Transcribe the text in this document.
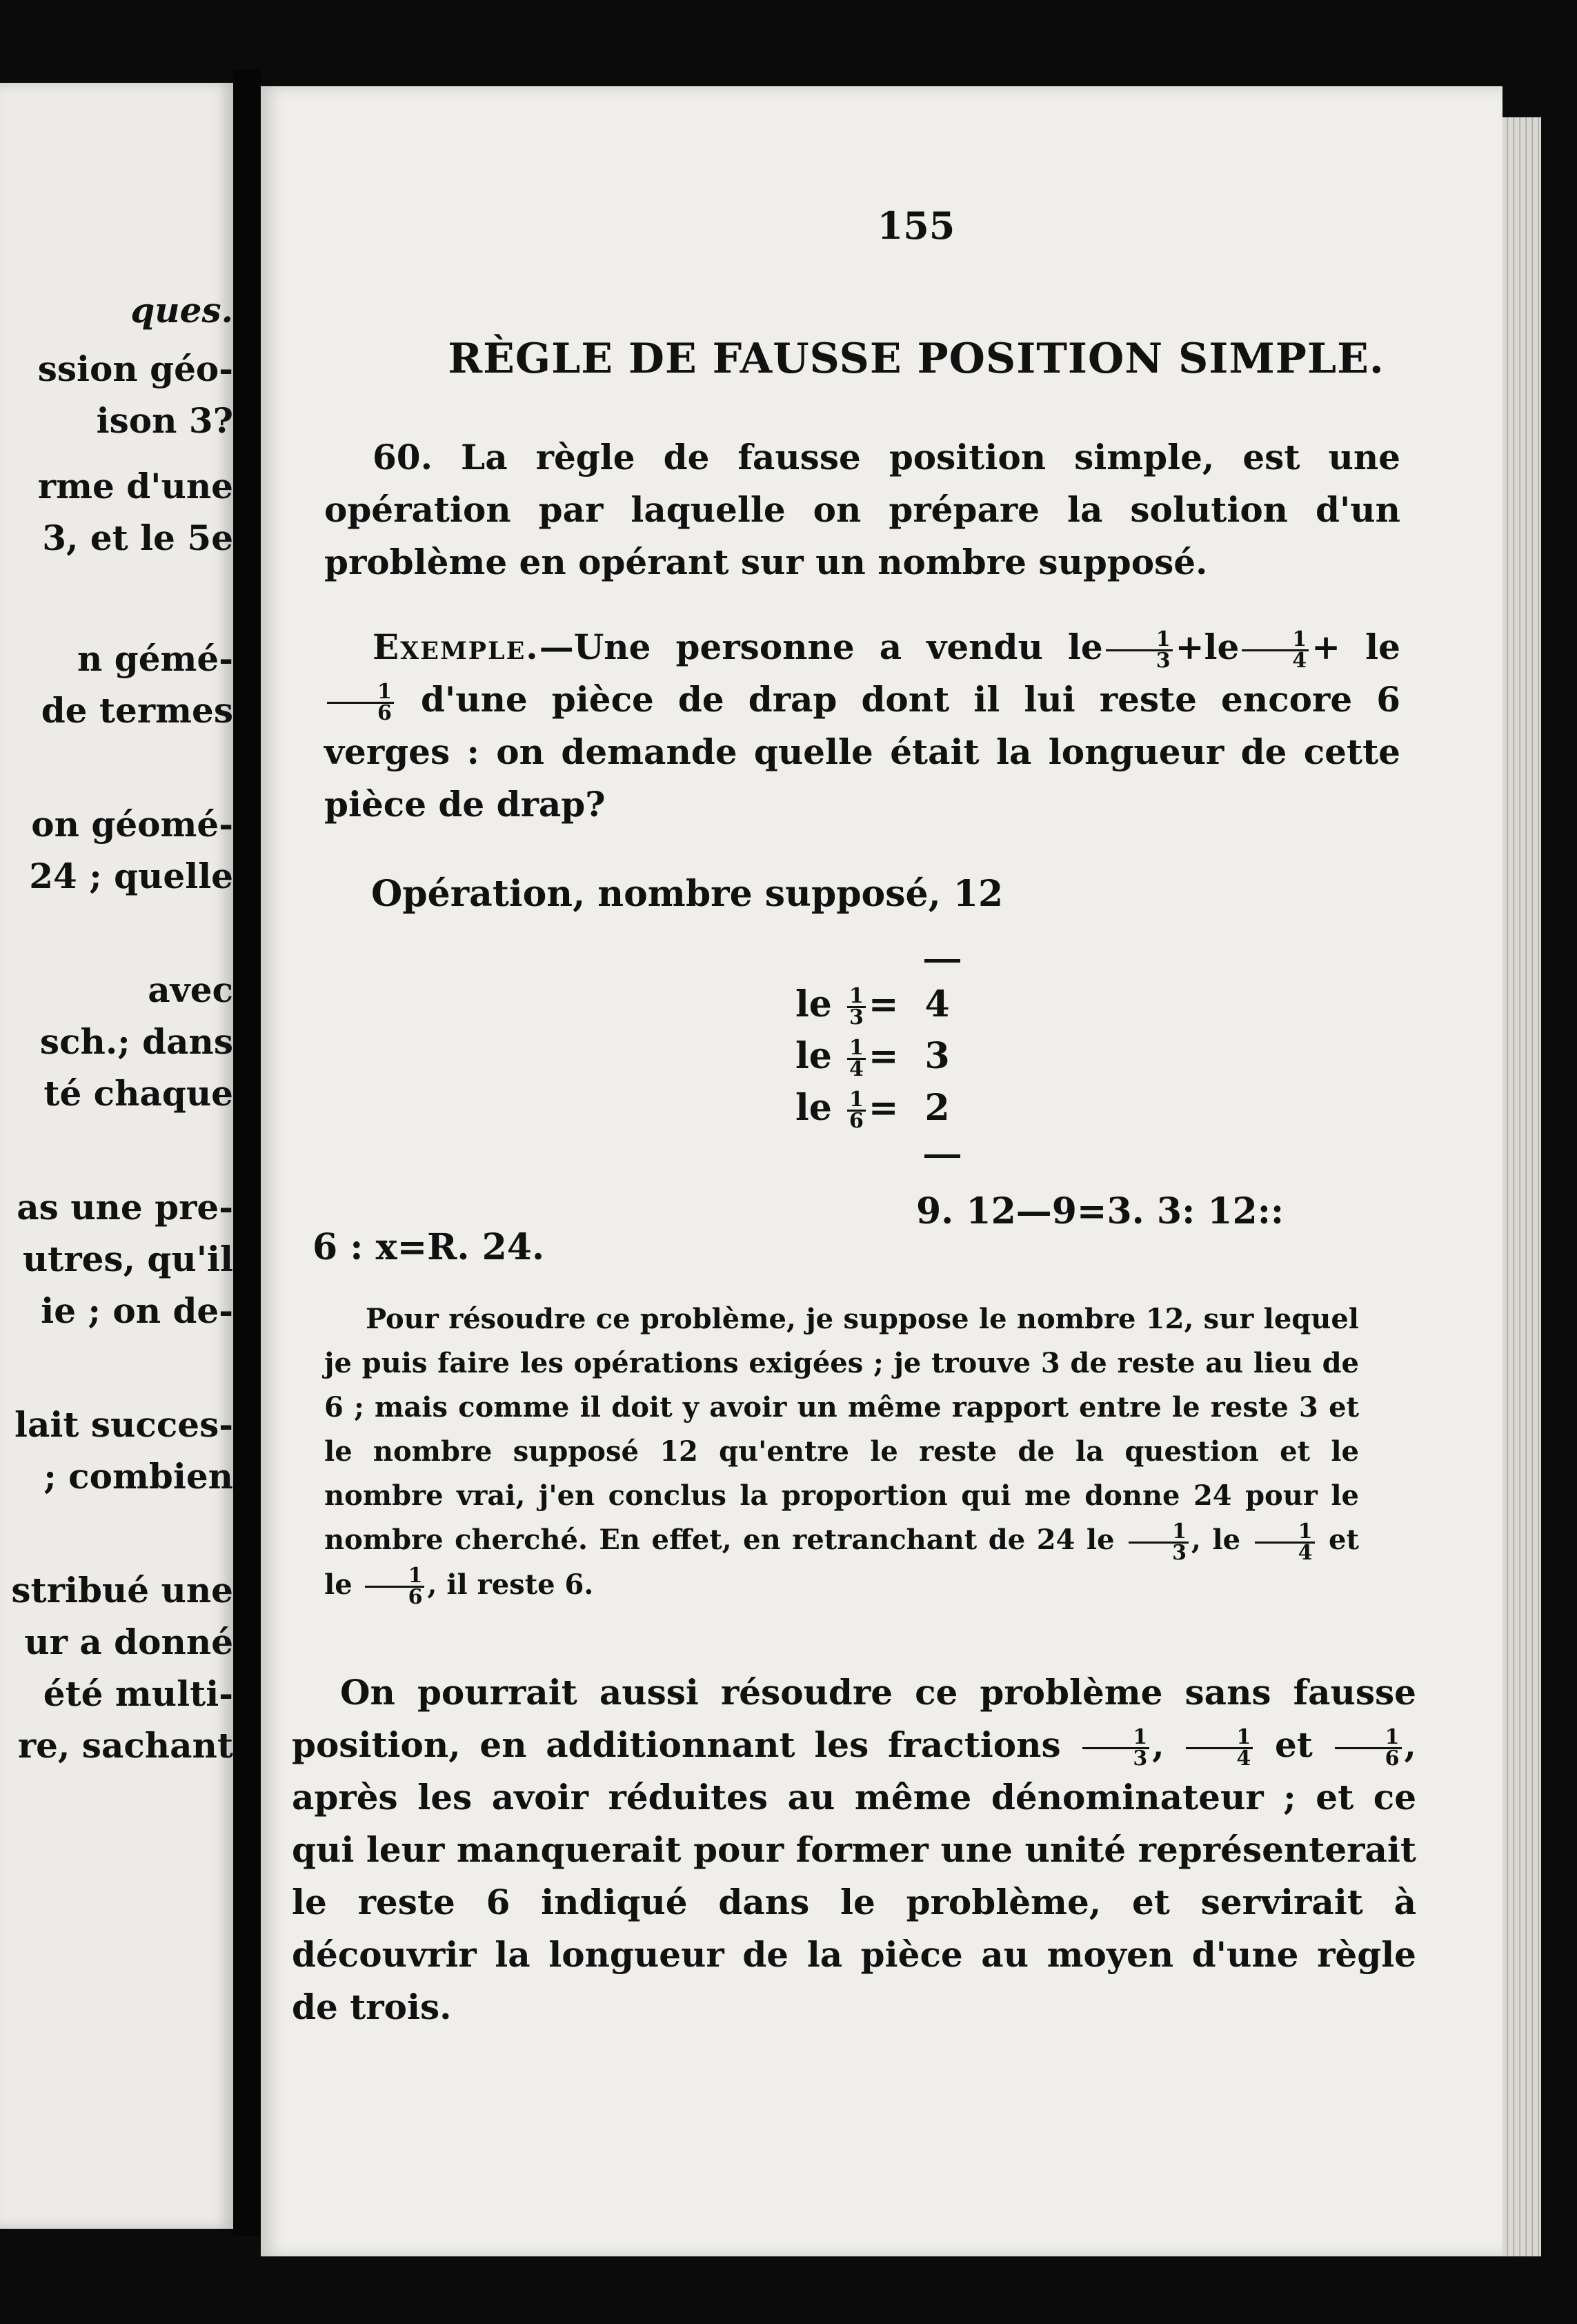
ques.
ssion géo-
ison 3?
rme d'une
3, et le 5e
n gémé-
de termes
on géomé-
24 ; quelle
avec
sch.; dans
té chaque
as une pre-
utres, qu'il
ie ; on de-
lait succes-
; combien
stribué une
ur a donné
été multi-
re, sachant
155
RÈGLE DE FAUSSE POSITION SIMPLE.
60. La règle de fausse position simple, est une opération par laquelle on prépare la solution d'un problème en opérant sur un nombre supposé.
Exemple.—Une personne a vendu le $\frac{1}{3} +le \frac{1}{4}$ + le
$\frac{1}{6} d'une$ pièce de drap dont il lui reste encore 6 verges : on demande quelle était la longueur de cette pièce de drap?
Opération, nombre supposé, 12
le $\frac{1}{3} = 4$
le $\frac{1}{4} = 3$
le $\frac{1}{6} = 2$
9. 12—9=3. 3: 12::
6 : x=R. 24.
Pour résoudre ce problème, je suppose le nombre 12, sur lequel je puis faire les opérations exigées ; je trouve 3 de reste au lieu de 6 ; mais comme il doit y avoir un même rapport entre le reste 3 et le nombre supposé 12 qu'entre le reste de la question et le nombre vrai, j'en conclus la proportion qui me donne 24 pour le nombre cherché. En effet, en retranchant de 24 le $\frac{1}{3}$ , le $\frac{1}{4}$ et le $\frac{1}{6}$ , il reste 6.
On pourrait aussi résoudre ce problème sans fausse position, en additionnant les fractions $\frac{1}{3}$ , $\frac{1}{4}$ et $\frac{1}{6}$ , après les avoir réduites au même dénominateur ; et ce qui leur manquerait pour former une unité représenterait le reste 6 indiqué dans le problème, et servirait à découvrir la longueur de la pièce au moyen d'une règle de trois.
